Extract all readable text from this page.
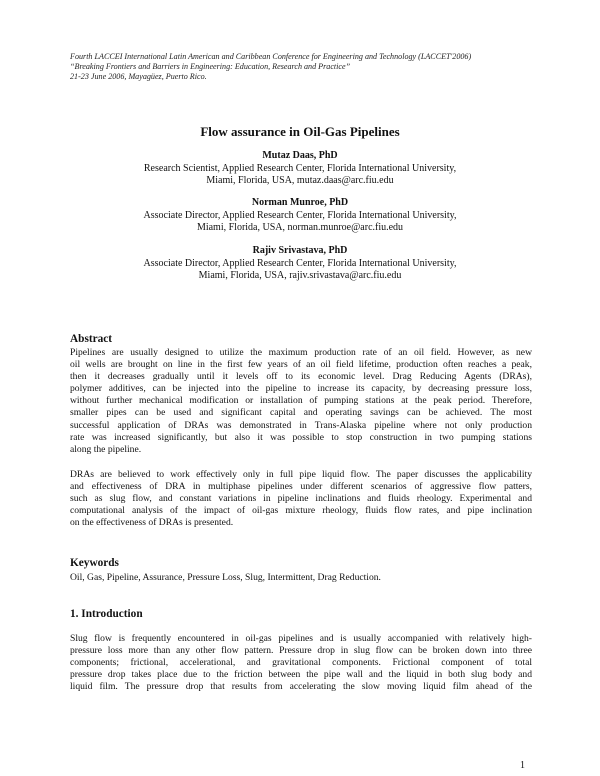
Fourth LACCEI International Latin American and Caribbean Conference for Engineering and Technology (LACCET'2006)
“Breaking Frontiers and Barriers in Engineering: Education, Research and Practice”
21-23 June 2006, Mayagüez, Puerto Rico.
Flow assurance in Oil-Gas Pipelines
Mutaz Daas, PhD
Research Scientist, Applied Research Center, Florida International University,
Miami, Florida, USA, mutaz.daas@arc.fiu.edu
Norman Munroe, PhD
Associate Director, Applied Research Center, Florida International University,
Miami, Florida, USA, norman.munroe@arc.fiu.edu
Rajiv Srivastava, PhD
Associate Director, Applied Research Center, Florida International University,
Miami, Florida, USA, rajiv.srivastava@arc.fiu.edu
Abstract
Pipelines are usually designed to utilize the maximum production rate of an oil field. However, as new
oil wells are brought on line in the first few years of an oil field lifetime, production often reaches a peak,
then it decreases gradually until it levels off to its economic level. Drag Reducing Agents (DRAs),
polymer additives, can be injected into the pipeline to increase its capacity, by decreasing pressure loss,
without further mechanical modification or installation of pumping stations at the peak period. Therefore,
smaller pipes can be used and significant capital and operating savings can be achieved. The most
successful application of DRAs was demonstrated in Trans-Alaska pipeline where not only production
rate was increased significantly, but also it was possible to stop construction in two pumping stations
along the pipeline.
DRAs are believed to work effectively only in full pipe liquid flow. The paper discusses the applicability
and effectiveness of DRA in multiphase pipelines under different scenarios of aggressive flow patters,
such as slug flow, and constant variations in pipeline inclinations and fluids rheology. Experimental and
computational analysis of the impact of oil-gas mixture rheology, fluids flow rates, and pipe inclination
on the effectiveness of DRAs is presented.
Keywords
Oil, Gas, Pipeline, Assurance, Pressure Loss, Slug, Intermittent, Drag Reduction.
1. Introduction
Slug flow is frequently encountered in oil-gas pipelines and is usually accompanied with relatively high-
pressure loss more than any other flow pattern. Pressure drop in slug flow can be broken down into three
components; frictional, accelerational, and gravitational components. Frictional component of total
pressure drop takes place due to the friction between the pipe wall and the liquid in both slug body and
liquid film. The pressure drop that results from accelerating the slow moving liquid film ahead of the
1
